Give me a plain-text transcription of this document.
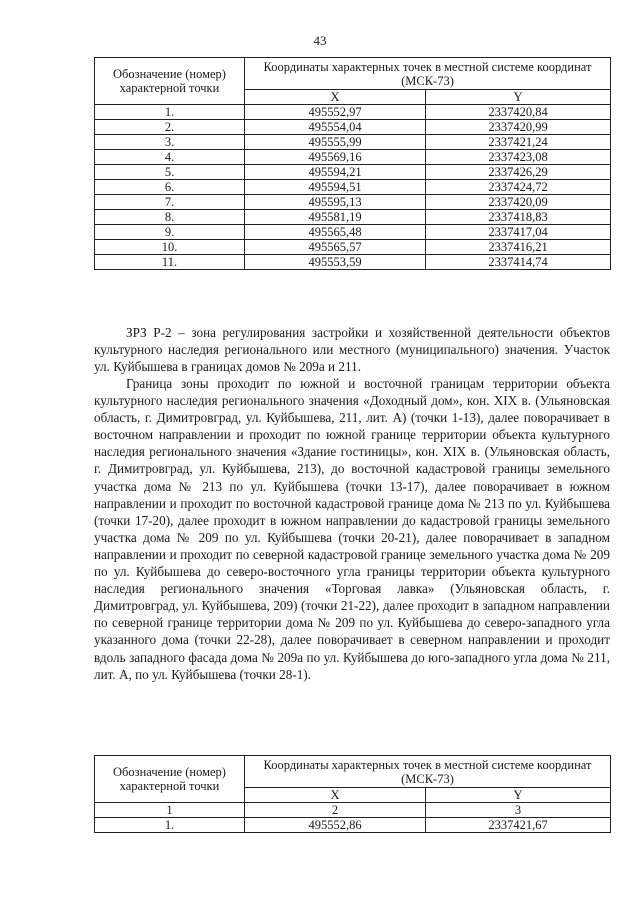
43
Обозначение (номер) характерной точки	Координаты характерных точек в местной системе координат (МСК-73)	
	X	Y
1.	495552,97	2337420,84
2.	495554,04	2337420,99
3.	495555,99	2337421,24
4.	495569,16	2337423,08
5.	495594,21	2337426,29
6.	495594,51	2337424,72
7.	495595,13	2337420,09
8.	495581,19	2337418,83
9.	495565,48	2337417,04
10.	495565,57	2337416,21
11.	495553,59	2337414,74

ЗРЗ Р-2 – зона регулирования застройки и хозяйственной деятельности объектов культурного наследия регионального или местного (муниципального) значения. Участок ул. Куйбышева в границах домов № 209а и 211.

Граница зоны проходит по южной и восточной границам территории объекта культурного наследия регионального значения «Доходный дом», кон. XIX в. (Ульяновская область, г. Димитровград, ул. Куйбышева, 211, лит. А) (точки 1-13), далее поворачивает в восточном направлении и проходит по южной границе территории объекта культурного наследия регионального значения «Здание гостиницы», кон. XIX в. (Ульяновская область, г. Димитровград, ул. Куйбышева, 213), до восточной кадастровой границы земельного участка дома № 213 по ул. Куйбышева (точки 13-17), далее поворачивает в южном направлении и проходит по восточной кадастровой границе дома № 213 по ул. Куйбышева (точки 17-20), далее проходит в южном направлении до кадастровой границы земельного участка дома № 209 по ул. Куйбышева (точки 20-21), далее поворачивает в западном направлении и проходит по северной кадастровой границе земельного участка дома № 209 по ул. Куйбышева до северо-восточного угла границы территории объекта культурного наследия регионального значения «Торговая лавка» (Ульяновская область, г. Димитровград, ул. Куйбышева, 209) (точки 21-22), далее проходит в западном направлении по северной границе территории дома № 209 по ул. Куйбышева до северо-западного угла указанного дома (точки 22-28), далее поворачивает в северном направлении и проходит вдоль западного фасада дома № 209а по ул. Куйбышева до юго-западного угла дома № 211, лит. А, по ул. Куйбышева (точки 28-1).

Обозначение (номер) характерной точки	Координаты характерных точек в местной системе координат (МСК-73)	
	X	Y
1	2	3
1.	495552,86	2337421,67
